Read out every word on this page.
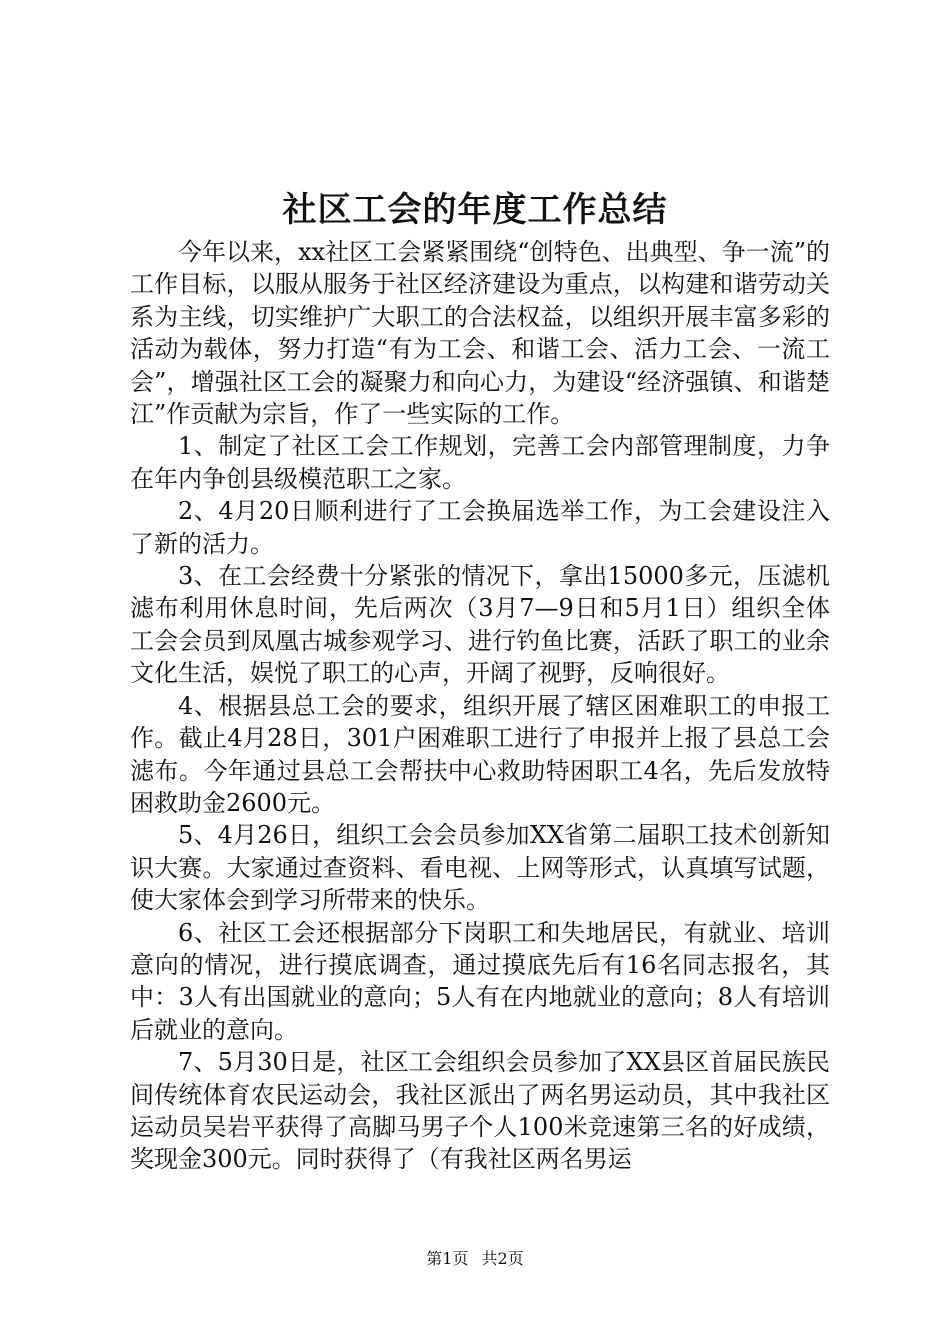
社区工会的年度工作总结

今年以来，xx社区工会紧紧围绕“创特色、出典型、争一流”的工作目标，以服从服务于社区经济建设为重点，以构建和谐劳动关系为主线，切实维护广大职工的合法权益，以组织开展丰富多彩的活动为载体，努力打造“有为工会、和谐工会、活力工会、一流工会”，增强社区工会的凝聚力和向心力，为建设“经济强镇、和谐楚江”作贡献为宗旨，作了一些实际的工作。

1、制定了社区工会工作规划，完善工会内部管理制度，力争在年内争创县级模范职工之家。

2、4月20日顺利进行了工会换届选举工作，为工会建设注入了新的活力。

3、在工会经费十分紧张的情况下，拿出15000多元，压滤机滤布利用休息时间，先后两次（3月7—9日和5月1日）组织全体工会会员到凤凰古城参观学习、进行钓鱼比赛，活跃了职工的业余文化生活，娱悦了职工的心声，开阔了视野，反响很好。

4、根据县总工会的要求，组织开展了辖区困难职工的申报工作。截止4月28日，301户困难职工进行了申报并上报了县总工会滤布。今年通过县总工会帮扶中心救助特困职工4名，先后发放特困救助金2600元。

5、4月26日，组织工会会员参加XX省第二届职工技术创新知识大赛。大家通过查资料、看电视、上网等形式，认真填写试题，使大家体会到学习所带来的快乐。

6、社区工会还根据部分下岗职工和失地居民，有就业、培训意向的情况，进行摸底调查，通过摸底先后有16名同志报名，其中：3人有出国就业的意向；5人有在内地就业的意向；8人有培训后就业的意向。

7、5月30日是，社区工会组织会员参加了XX县区首届民族民间传统体育农民运动会，我社区派出了两名男运动员，其中我社区运动员吴岩平获得了高脚马男子个人100米竞速第三名的好成绩，奖现金300元。同时获得了（有我社区两名男运

第1页 共2页
